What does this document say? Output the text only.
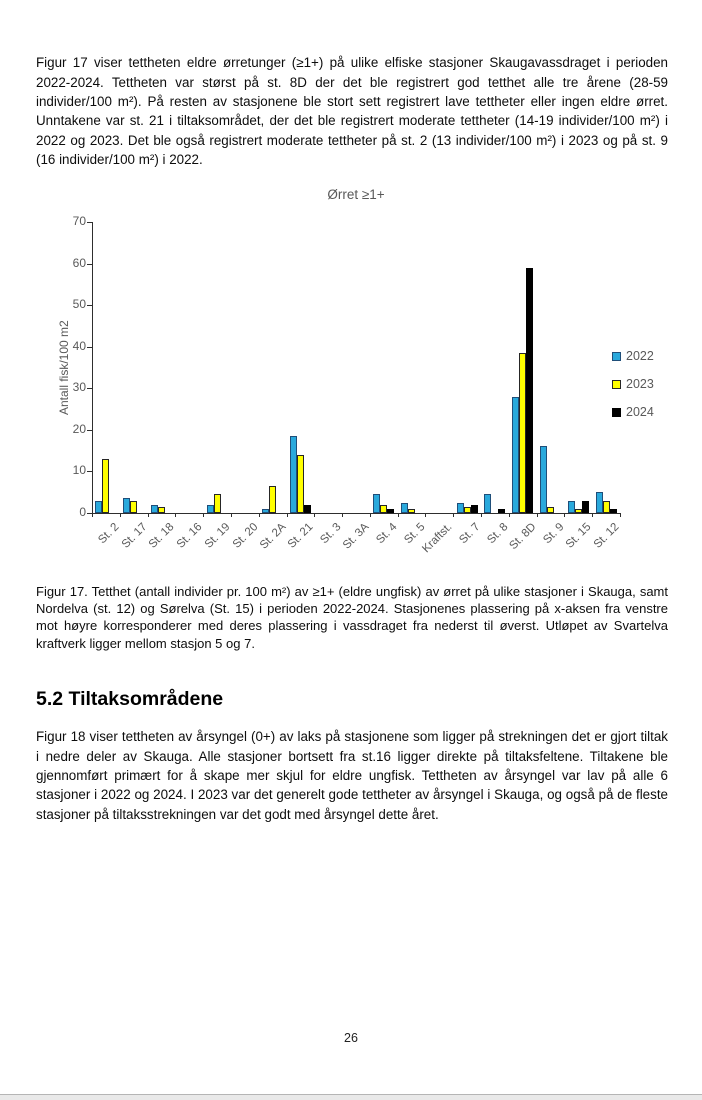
Figur 17 viser tettheten eldre ørretunger (≥1+) på ulike elfiske stasjoner Skaugavassdraget i perioden 2022-2024. Tettheten var størst på st. 8D der det ble registrert god tetthet alle tre årene (28-59 individer/100 m²). På resten av stasjonene ble stort sett registrert lave tettheter eller ingen eldre ørret. Unntakene var st. 21 i tiltaksområdet, der det ble registrert moderate tettheter (14-19 individer/100 m²) i 2022 og 2023. Det ble også registrert moderate tettheter på st. 2 (13 individer/100 m²) i 2023 og på st. 9 (16 individer/100 m²) i 2022.

Ørret ≥1+
Antall fisk/100 m2
0
10
20
30
40
50
60
70
St. 2
St. 17
St. 18
St. 16
St. 19
St. 20
St. 2A
St. 21 St. 3
St. 3A St. 4 St. 5
Kraftst. St. 7 St. 8
St. 8D St. 9
St. 15
St. 12
2022
2023
2024

Figur 17. Tetthet (antall individer pr. 100 m²) av ≥1+ (eldre ungfisk) av ørret på ulike stasjoner i Skauga, samt Nordelva (st. 12) og Sørelva (St. 15) i perioden 2022-2024. Stasjonenes plassering på x-aksen fra venstre mot høyre korresponderer med deres plassering i vassdraget fra nederst til øverst. Utløpet av Svartelva kraftverk ligger mellom stasjon 5 og 7.

5.2 Tiltaksområdene

Figur 18 viser tettheten av årsyngel (0+) av laks på stasjonene som ligger på strekningen det er gjort tiltak i nedre deler av Skauga. Alle stasjoner bortsett fra st.16 ligger direkte på tiltaksfeltene. Tiltakene ble gjennomført primært for å skape mer skjul for eldre ungfisk. Tettheten av årsyngel var lav på alle 6 stasjoner i 2022 og 2024. I 2023 var det generelt gode tettheter av årsyngel i Skauga, og også på de fleste stasjoner på tiltaksstrekningen var det godt med årsyngel dette året.

26
